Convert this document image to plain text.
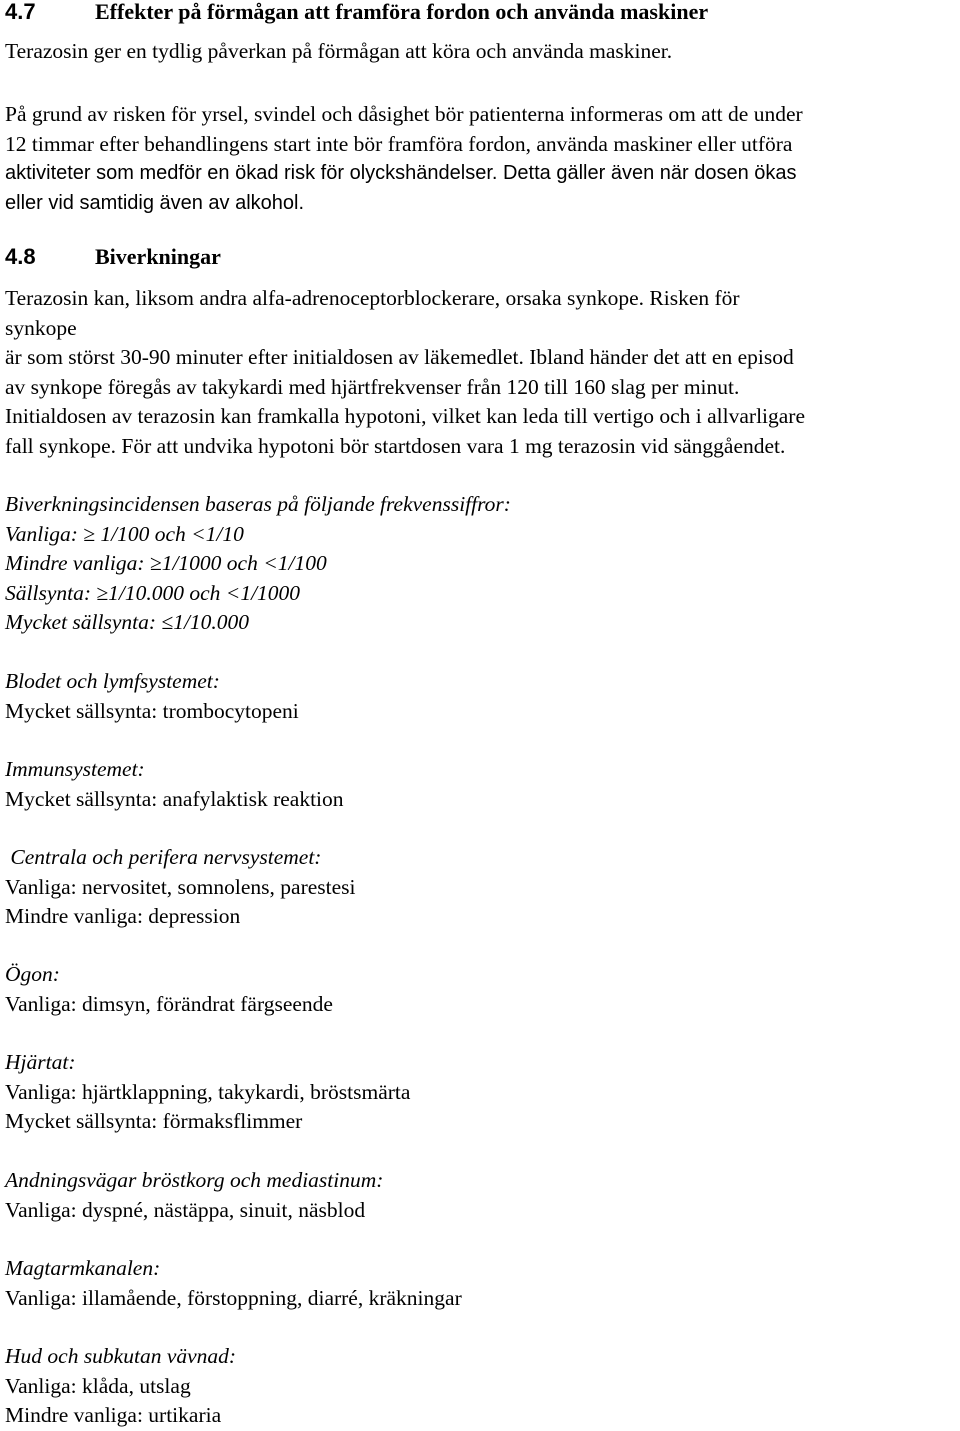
4.7	Effekter på förmågan att framföra fordon och använda maskiner
Terazosin ger en tydlig påverkan på förmågan att köra och använda maskiner.
På grund av risken för yrsel, svindel och dåsighet bör patienterna informeras om att de under
12 timmar efter behandlingens start inte bör framföra fordon, använda maskiner eller utföra
aktiviteter som medför en ökad risk för olyckshändelser. Detta gäller även när dosen ökas
eller vid samtidig även av alkohol.
4.8	Biverkningar
Terazosin kan, liksom andra alfa-adrenoceptorblockerare, orsaka synkope. Risken för
synkope
är som störst 30-90 minuter efter initialdosen av läkemedlet. Ibland händer det att en episod
av synkope föregås av takykardi med hjärtfrekvenser från 120 till 160 slag per minut.
Initialdosen av terazosin kan framkalla hypotoni, vilket kan leda till vertigo och i allvarligare
fall synkope. För att undvika hypotoni bör startdosen vara 1 mg terazosin vid sänggåendet.
Biverkningsincidensen baseras på följande frekvenssiffror:
Vanliga: ≥ 1/100 och <1/10
Mindre vanliga: ≥1/1000 och <1/100
Sällsynta: ≥1/10.000 och <1/1000
Mycket sällsynta: ≤1/10.000
Blodet och lymfsystemet:
Mycket sällsynta: trombocytopeni
Immunsystemet:
Mycket sällsynta: anafylaktisk reaktion
Centrala och perifera nervsystemet:
Vanliga: nervositet, somnolens, parestesi
Mindre vanliga: depression
Ögon:
Vanliga: dimsyn, förändrat färgseende
Hjärtat:
Vanliga: hjärtklappning, takykardi, bröstsmärta
Mycket sällsynta: förmaksflimmer
Andningsvägar bröstkorg och mediastinum:
Vanliga: dyspné, nästäppa, sinuit, näsblod
Magtarmkanalen:
Vanliga: illamående, förstoppning, diarré, kräkningar
Hud och subkutan vävnad:
Vanliga: klåda, utslag
Mindre vanliga: urtikaria
